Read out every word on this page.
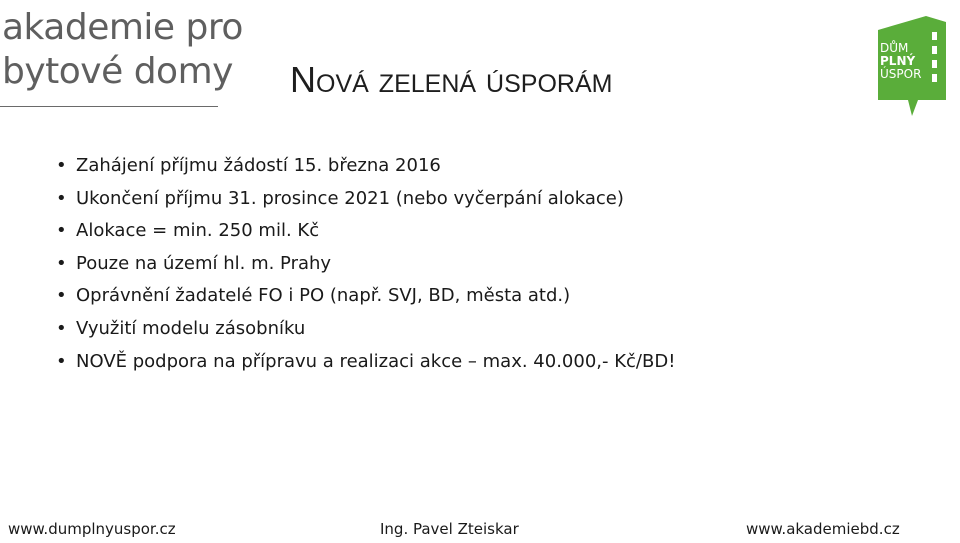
akademie pro
bytové domy Nová zelená úsporám
DŮM
PLNÝ
ÚSPOR
• Zahájení příjmu žádostí 15. března 2016
• Ukončení příjmu 31. prosince 2021 (nebo vyčerpání alokace)
• Alokace = min. 250 mil. Kč
• Pouze na území hl. m. Prahy
• Oprávnění žadatelé FO i PO (např. SVJ, BD, města atd.)
• Využití modelu zásobníku
• NOVĚ podpora na přípravu a realizaci akce – max. 40.000,- Kč/BD!
www.dumplnyuspor.cz	Ing. Pavel Zteiskar	www.akademiebd.cz
